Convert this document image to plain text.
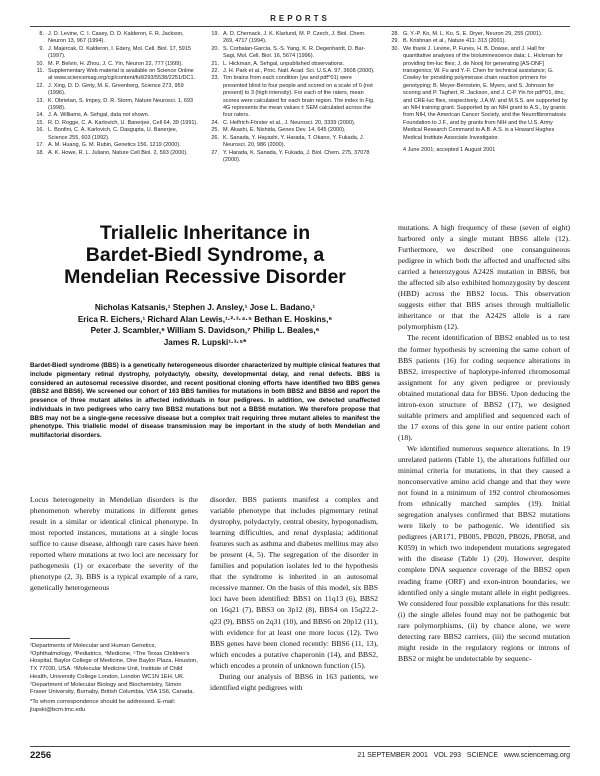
REPORTS
8. J. D. Levine, C. I. Casey, D. D. Kalderon, F. R. Jackson, Neuron 13, 967 (1994).
9. J. Majercak, D. Kalderon, I. Edery, Mol. Cell. Biol. 17, 5915 (1997).
10. M. P. Belvin, H. Zhou, J. C. Yin, Neuron 22, 777 (1999).
11. Supplementary Web material is available on Science Online at www.sciencemag.org/cgi/content/full/293/5538/2251/DC1.
12. J. Xing, D. D. Ginty, M. E. Greenberg, Science 273, 959 (1996).
13. K. Obrietan, S. Impey, D. R. Storm, Nature Neurosci. 1, 693 (1998).
14. J. A. Williams, A. Sehgal, data not shown.
15. R. D. Rogge, C. A. Karlovich, U. Banerjee, Cell 64, 39 (1991).
16. L. Bonfini, C. A. Karlovich, C. Dasgupta, U. Banerjee, Science 255, 603 (1992).
17. A. M. Huang, G. M. Rubin, Genetics 156, 1219 (2000).
18. A. K. Howe, R. L. Juliano, Nature Cell Biol. 2, 593 (2000).
19. A. D. Chernack, J. K. Klarlund, M. P. Czech, J. Biol. Chem. 269, 4717 (1994).
20. S. Corbalan-Garcia, S.-S. Yang, K. R. Degenhardt, D. Bar-Sagi, Mol. Cell. Biol. 16, 5674 (1996).
21. L. Hickman, A. Sehgal, unpublished observations.
22. J. H. Park et al., Proc. Natl. Acad. Sci. U.S.A. 97, 3608 (2000).
23. Tim brains from each condition (yw and pdf^01) were presented blind to four people and scored on a scale of 0 (not present) to 3 (high intensity). For each of the raters, mean scores were calculated for each brain region. The index in Fig. 4G represents the mean values ± SEM calculated across the four raters.
24. C. Helfrich-Förster et al., J. Neurosci. 20, 3339 (2000).
25. M. Akashi, E. Nishida, Genes Dev. 14, 645 (2000).
26. K. Sanada, Y. Hayashi, Y. Harada, T. Okano, Y. Fukada, J. Neurosci. 20, 986 (2000).
27. Y. Harada, K. Sanada, Y. Fukada, J. Biol. Chem. 275, 37078 (2000).
28. G. Y.-P. Ko, M. L. Ko, S. E. Dryer, Neuron 29, 255 (2001).
29. B. Krishnan et al., Nature 411: 313 (2001).
30. We thank J. Levine, P. Funes, H. B. Dowse, and J. Hall for quantitative analyses of the bioluminescence data; L. Hickman for providing tim-luc flies; J. de Nooij for generating [AS-DNF] transgenics; W. Fu and Y.-F. Chen for technical assistance; G. Cowley for providing polymerase chain reaction primers for genotyping; B. Meyer-Bernstein, E. Myers, and S. Johnson for scoring and P. Taghert, R. Jackson, and J. C-P Yin for pdf^01, dnc, and CRE-luc flies, respectively. J.A.W. and M.S.S. are supported by an NIH training grant. Supported by an NIH grant to A.S., by grants from NIH, the American Cancer Society, and the Neurofibromatosis Foundation to J.F., and by grants from NIH and the U.S. Army Medical Research Command to A.B. A.S. is a Howard Hughes Medical Institute Associate Investigator.
4 June 2001; accepted 1 August 2001
Triallelic Inheritance in
Bardet-Biedl Syndrome, a
Mendelian Recessive Disorder
Nicholas Katsanis,¹ Stephen J. Ansley,¹ Jose L. Badano,¹
Erica R. Eichers,¹ Richard Alan Lewis,¹·²·³·⁴·⁵ Bethan E. Hoskins,⁶
Peter J. Scambler,⁶ William S. Davidson,⁷ Philip L. Beales,⁶
James R. Lupski¹·³·⁵*
Bardet-Biedl syndrome (BBS) is a genetically heterogeneous disorder characterized by multiple clinical features that include pigmentary retinal dystrophy, polydactyly, obesity, developmental delay, and renal defects. BBS is considered an autosomal recessive disorder, and recent positional cloning efforts have identified two BBS genes (BBS2 and BBS6). We screened our cohort of 163 BBS families for mutations in both BBS2 and BBS6 and report the presence of three mutant alleles in affected individuals in four pedigrees. In addition, we detected unaffected individuals in two pedigrees who carry two BBS2 mutations but not a BBS6 mutation. We therefore propose that BBS may not be a single-gene recessive disease but a complex trait requiring three mutant alleles to manifest the phenotype. This triallelic model of disease transmission may be important in the study of both Mendelian and multifactorial disorders.

Locus heterogeneity in Mendelian disorders is the phenomenon whereby mutations in different genes result in a similar or identical clinical phenotype. In most reported instances, mutations at a single locus suffice to cause disease, although rare cases have been reported where mutations at two loci are necessary for pathogenesis (1) or exacerbate the severity of the phenotype (2, 3). BBS is a typical example of a rare, genetically heterogeneous

¹Departments of Molecular and Human Genetics, ²Ophthalmology, ³Pediatrics, ⁴Medicine, ⁵The Texas Children's Hospital, Baylor College of Medicine, One Baylor Plaza, Houston, TX 77030, USA. ⁶Molecular Medicine Unit, Institute of Child Health, University College London, London WC1N 1EH, UK. ⁷Department of Molecular Biology and Biochemistry, Simon Fraser University, Burnaby, British Columbia, V5A 1S6, Canada.

*To whom correspondence should be addressed. E-mail: jlupski@bcm.tmc.edu

disorder. BBS patients manifest a complex and variable phenotype that includes pigmentary retinal dystrophy, polydactyly, central obesity, hypogonadism, learning difficulties, and renal dysplasia; additional features such as asthma and diabetes mellitus may also be present (4, 5). The segregation of the disorder in families and population isolates led to the hypothesis that the syndrome is inherited in an autosomal recessive manner. On the basis of this model, six BBS loci have been identified: BBS1 on 11q13 (6), BBS2 on 16q21 (7), BBS3 on 3p12 (8), BBS4 on 15q22.2-q23 (9), BBS5 on 2q31 (10), and BBS6 on 20p12 (11), with evidence for at least one more locus (12). Two BBS genes have been cloned recently: BBS6 (11, 13), which encodes a putative chaperonin (14), and BBS2, which encodes a protein of unknown function (15).

During our analysis of BBS6 in 163 patients, we identified eight pedigrees with

mutations. A high frequency of these (seven of eight) harbored only a single mutant BBS6 allele (12). Furthermore, we described one consanguineous pedigree in which both the affected and unaffected sibs carried a heterozygous A242S mutation in BBS6, but the affected sib also exhibited homozygosity by descent (HBD) across the BBS2 locus. This observation suggests either that BBS arises through multiallelic inheritance or that the A242S allele is a rare polymorphism (12).

The recent identification of BBS2 enabled us to test the former hypothesis by screening the same cohort of BBS patients (16) for coding sequence alterations in BBS2, irrespective of haplotype-inferred chromosomal assignment for any given pedigree or previously obtained mutational data for BBS6. Upon deducing the intron-exon structure of BBS2 (17), we designed suitable primers and amplified and sequenced each of the 17 exons of this gene in our entire patient cohort (18).

We identified numerous sequence alterations. In 19 unrelated patients (Table 1), the alterations fulfilled our minimal criteria for mutations, in that they caused a nonconservative amino acid change and that they were not found in a minimum of 192 control chromosomes from ethnically matched samples (19). Initial segregation analyses confirmed that BBS2 mutations were likely to be pathogenic. We identified six pedigrees (AR171, PB005, PB020, PB026, PB058, and K059) in which two independent mutations segregated with the disease (Table 1) (20). However, despite complete DNA sequence coverage of the BBS2 open reading frame (ORF) and exon-intron boundaries, we identified only a single mutant allele in eight pedigrees. We considered four possible explanations for this result: (i) the single alleles found may not be pathogenic but rare polymorphisms, (ii) by chance alone, we were detecting rare BBS2 carriers, (iii) the second mutation might reside in the regulatory regions or introns of BBS2 or might be undetectable by sequenc-

2256	21 SEPTEMBER 2001   VOL 293   SCIENCE   www.sciencemag.org
